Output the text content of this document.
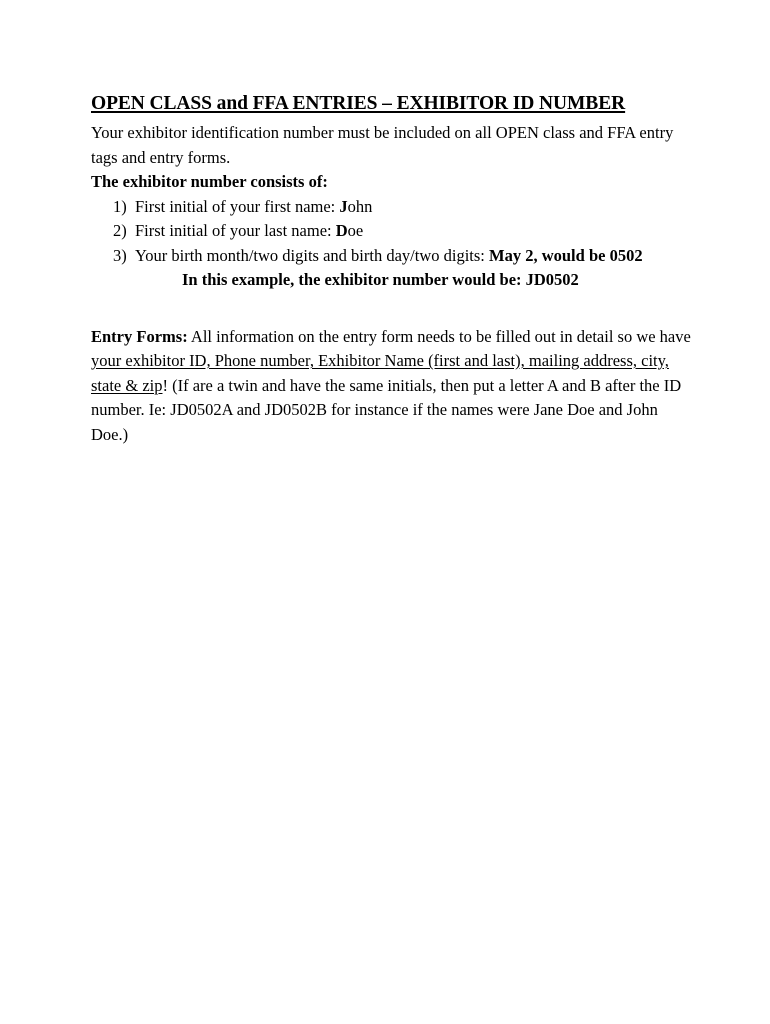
OPEN CLASS and FFA ENTRIES – EXHIBITOR ID NUMBER

Your exhibitor identification number must be included on all OPEN class and FFA entry tags and entry forms.

The exhibitor number consists of:

1) First initial of your first name: John
2) First initial of your last name: Doe
3) Your birth month/two digits and birth day/two digits: May 2, would be 0502

In this example, the exhibitor number would be: JD0502

Entry Forms: All information on the entry form needs to be filled out in detail so we have your exhibitor ID, Phone number, Exhibitor Name (first and last), mailing address, city, state & zip! (If are a twin and have the same initials, then put a letter A and B after the ID number. Ie: JD0502A and JD0502B for instance if the names were Jane Doe and John Doe.)
